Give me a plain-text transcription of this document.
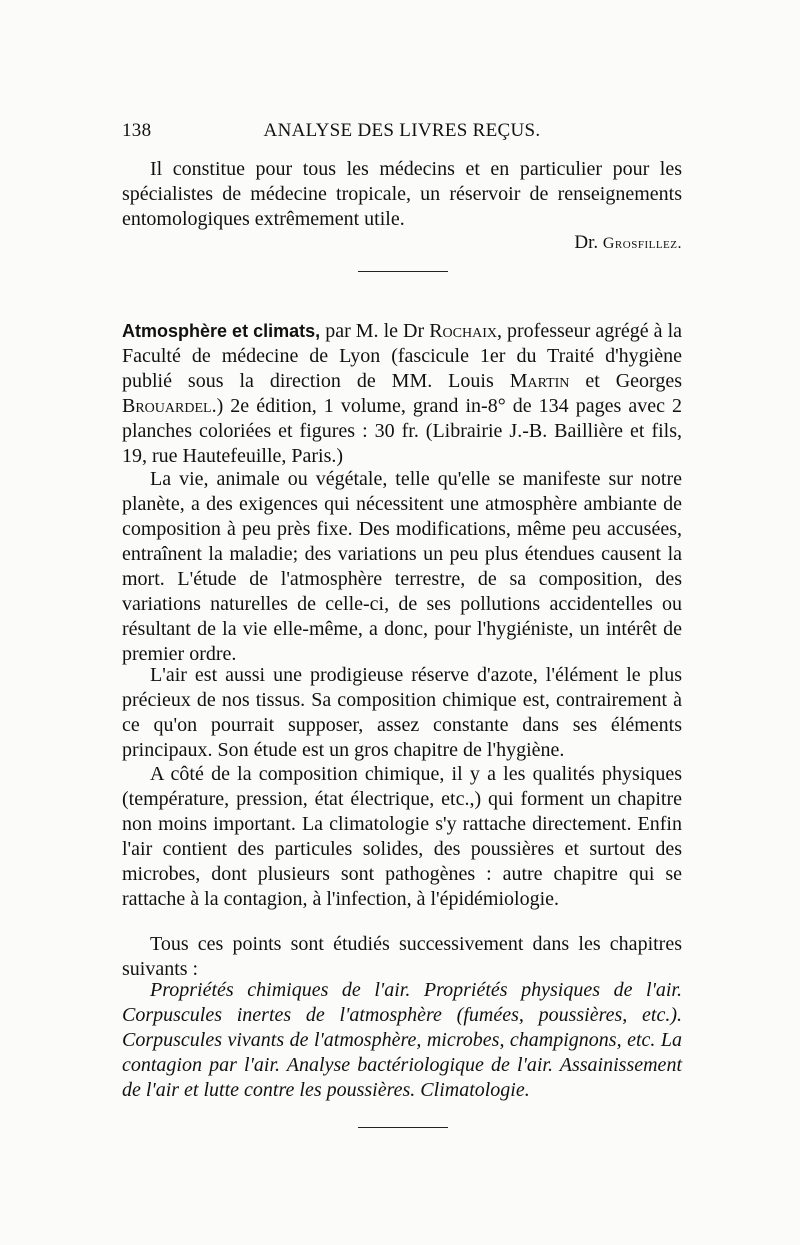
138	ANALYSE DES LIVRES REÇUS.

Il constitue pour tous les médecins et en particulier pour les spécialistes de médecine tropicale, un réservoir de renseignements entomologiques extrêmement utile.

Dr. Grosfillez.

Atmosphère et climats, par M. le Dr Rochaix, professeur agrégé à la Faculté de médecine de Lyon (fascicule 1er du Traité d'hygiène publié sous la direction de MM. Louis Martin et Georges Brouardel.) 2e édition, 1 volume, grand in-8° de 134 pages avec 2 planches coloriées et figures : 30 fr. (Librairie J.-B. Baillière et fils, 19, rue Hautefeuille, Paris.)

La vie, animale ou végétale, telle qu'elle se manifeste sur notre planète, a des exigences qui nécessitent une atmosphère ambiante de composition à peu près fixe. Des modifications, même peu accusées, entraînent la maladie; des variations un peu plus étendues causent la mort. L'étude de l'atmosphère terrestre, de sa composition, des variations naturelles de celle-ci, de ses pollutions accidentelles ou résultant de la vie elle-même, a donc, pour l'hygiéniste, un intérêt de premier ordre.

L'air est aussi une prodigieuse réserve d'azote, l'élément le plus précieux de nos tissus. Sa composition chimique est, contrairement à ce qu'on pourrait supposer, assez constante dans ses éléments principaux. Son étude est un gros chapitre de l'hygiène.

A côté de la composition chimique, il y a les qualités physiques (température, pression, état électrique, etc.,) qui forment un chapitre non moins important. La climatologie s'y rattache directement. Enfin l'air contient des particules solides, des poussières et surtout des microbes, dont plusieurs sont pathogènes : autre chapitre qui se rattache à la contagion, à l'infection, à l'épidémiologie.

Tous ces points sont étudiés successivement dans les chapitres suivants :

Propriétés chimiques de l'air. Propriétés physiques de l'air. Corpuscules inertes de l'atmosphère (fumées, poussières, etc.). Corpuscules vivants de l'atmosphère, microbes, champignons, etc. La contagion par l'air. Analyse bactériologique de l'air. Assainissement de l'air et lutte contre les poussières. Climatologie.
